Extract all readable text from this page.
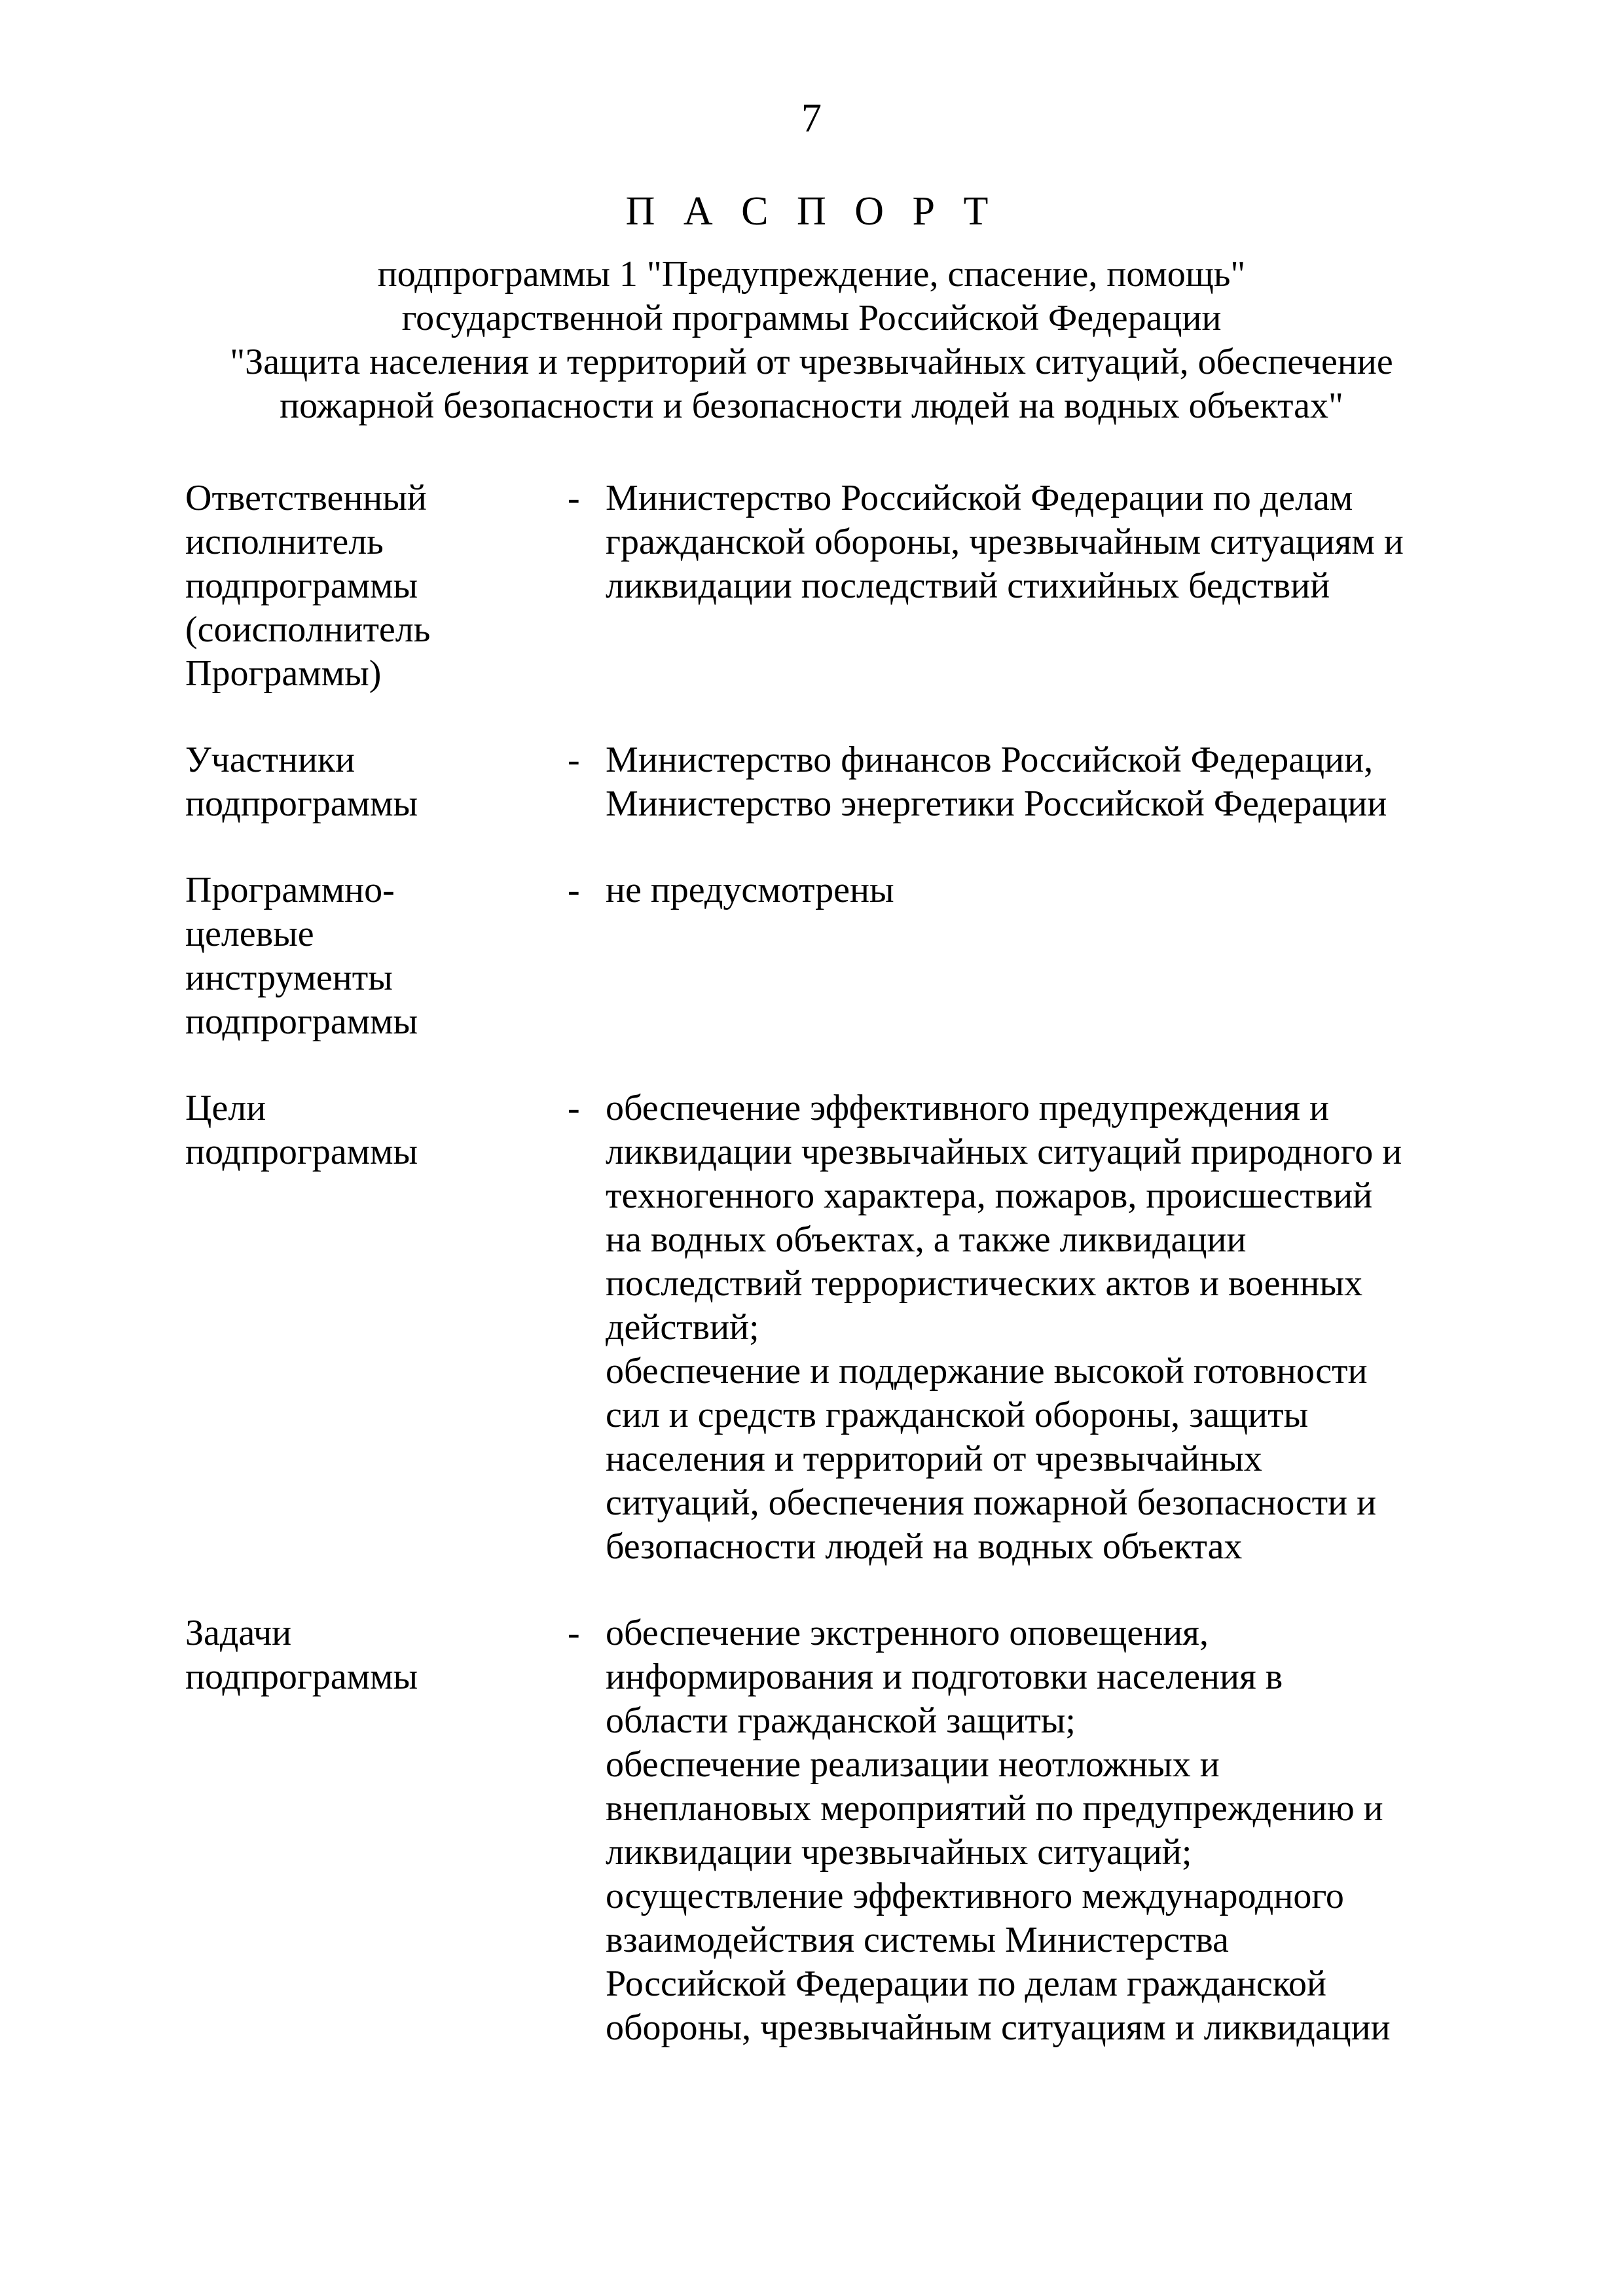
7
П А С П О Р Т
подпрограммы 1 "Предупреждение, спасение, помощь"
государственной программы Российской Федерации
"Защита населения и территорий от чрезвычайных ситуаций, обеспечение
пожарной безопасности и безопасности людей на водных объектах"
Ответственный
исполнитель
подпрограммы
(соисполнитель
Программы)
- Министерство Российской Федерации по делам
гражданской обороны, чрезвычайным ситуациям и
ликвидации последствий стихийных бедствий
Участники
подпрограммы
- Министерство финансов Российской Федерации,
Министерство энергетики Российской Федерации
Программно-
целевые
инструменты
подпрограммы
- не предусмотрены
Цели
подпрограммы
- обеспечение эффективного предупреждения и
ликвидации чрезвычайных ситуаций природного и
техногенного характера, пожаров, происшествий
на водных объектах, а также ликвидации
последствий террористических актов и военных
действий;
обеспечение и поддержание высокой готовности
сил и средств гражданской обороны, защиты
населения и территорий от чрезвычайных
ситуаций, обеспечения пожарной безопасности и
безопасности людей на водных объектах
Задачи
подпрограммы
- обеспечение экстренного оповещения,
информирования и подготовки населения в
области гражданской защиты;
обеспечение реализации неотложных и
внеплановых мероприятий по предупреждению и
ликвидации чрезвычайных ситуаций;
осуществление эффективного международного
взаимодействия системы Министерства
Российской Федерации по делам гражданской
обороны, чрезвычайным ситуациям и ликвидации
